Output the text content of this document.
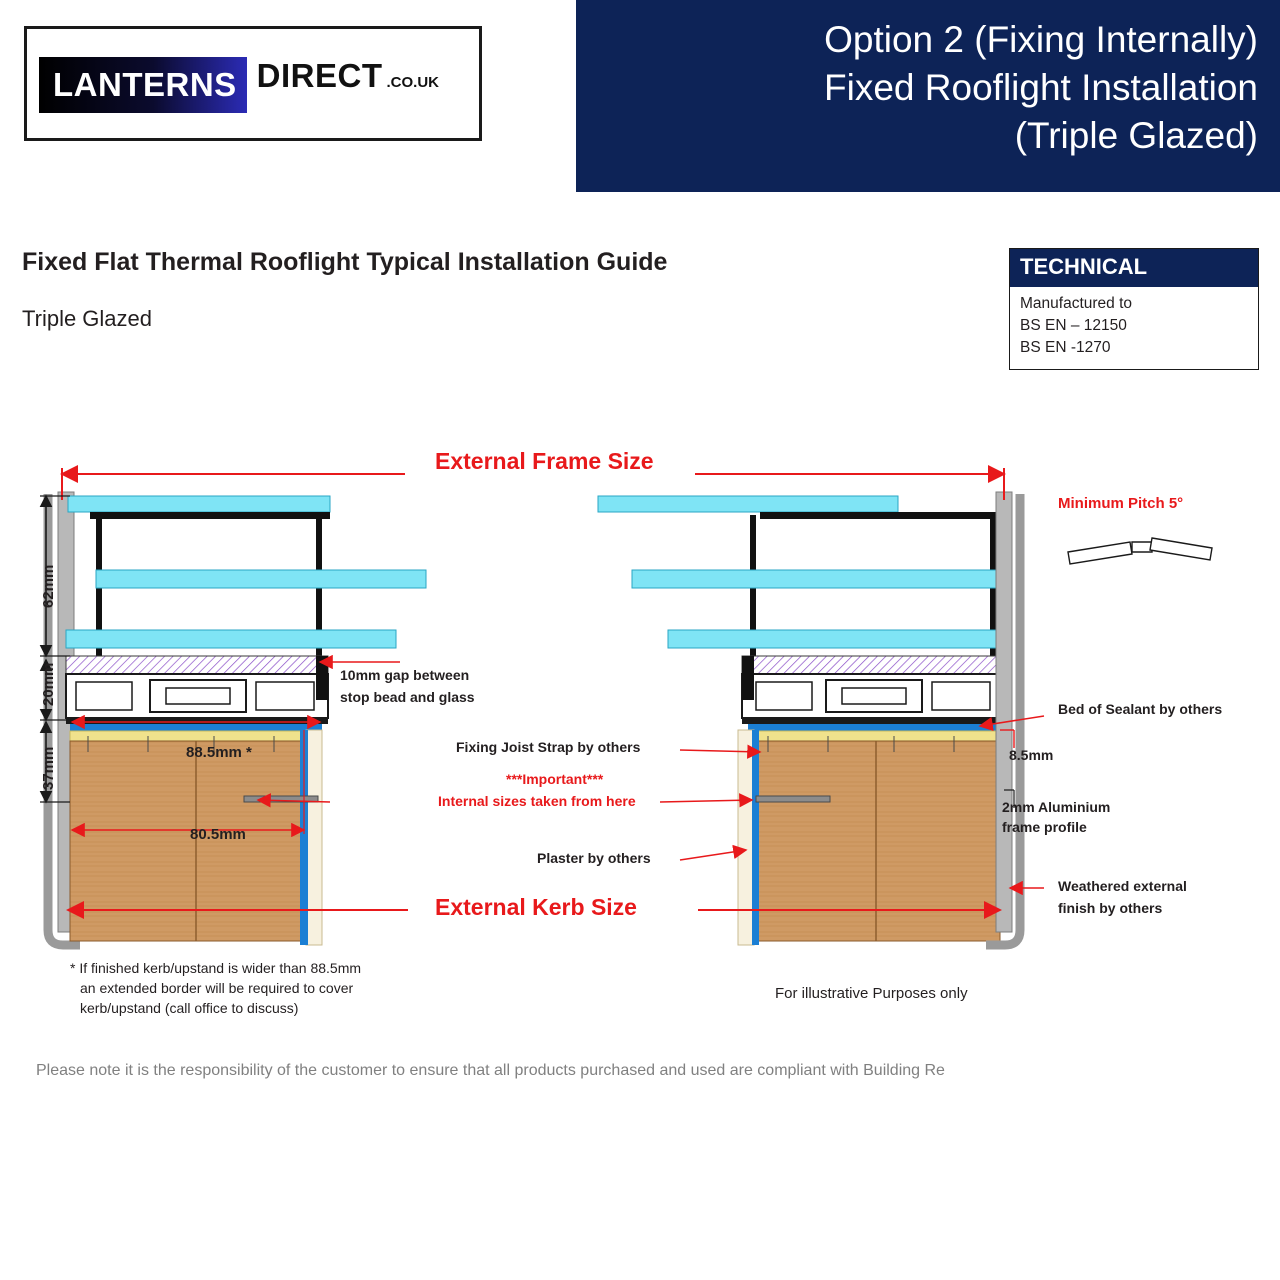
LANTERNS DIRECT .CO.UK
Option 2 (Fixing Internally)
Fixed Rooflight Installation
(Triple Glazed)
Fixed Flat Thermal Rooflight Typical Installation Guide
Triple Glazed
TECHNICAL
Manufactured to
BS EN – 12150
BS EN -1270
External Frame Size
External Kerb Size
Minimum Pitch 5°
62mm
20mm
37mm	88.5mm *
80.5mm
8.5mm
10mm gap between
stop bead and glass
Fixing Joist Strap by others
***Important***
Internal sizes taken from here
Plaster by others
Bed of Sealant by others
2mm Aluminium
frame profile
Weathered external
finish by others
* If finished kerb/upstand is wider than 88.5mm
an extended border will be required to cover
kerb/upstand (call office to discuss)
For illustrative Purposes only
Please note it is the responsibility of the customer to ensure that all products purchased and used are compliant with Building Re
